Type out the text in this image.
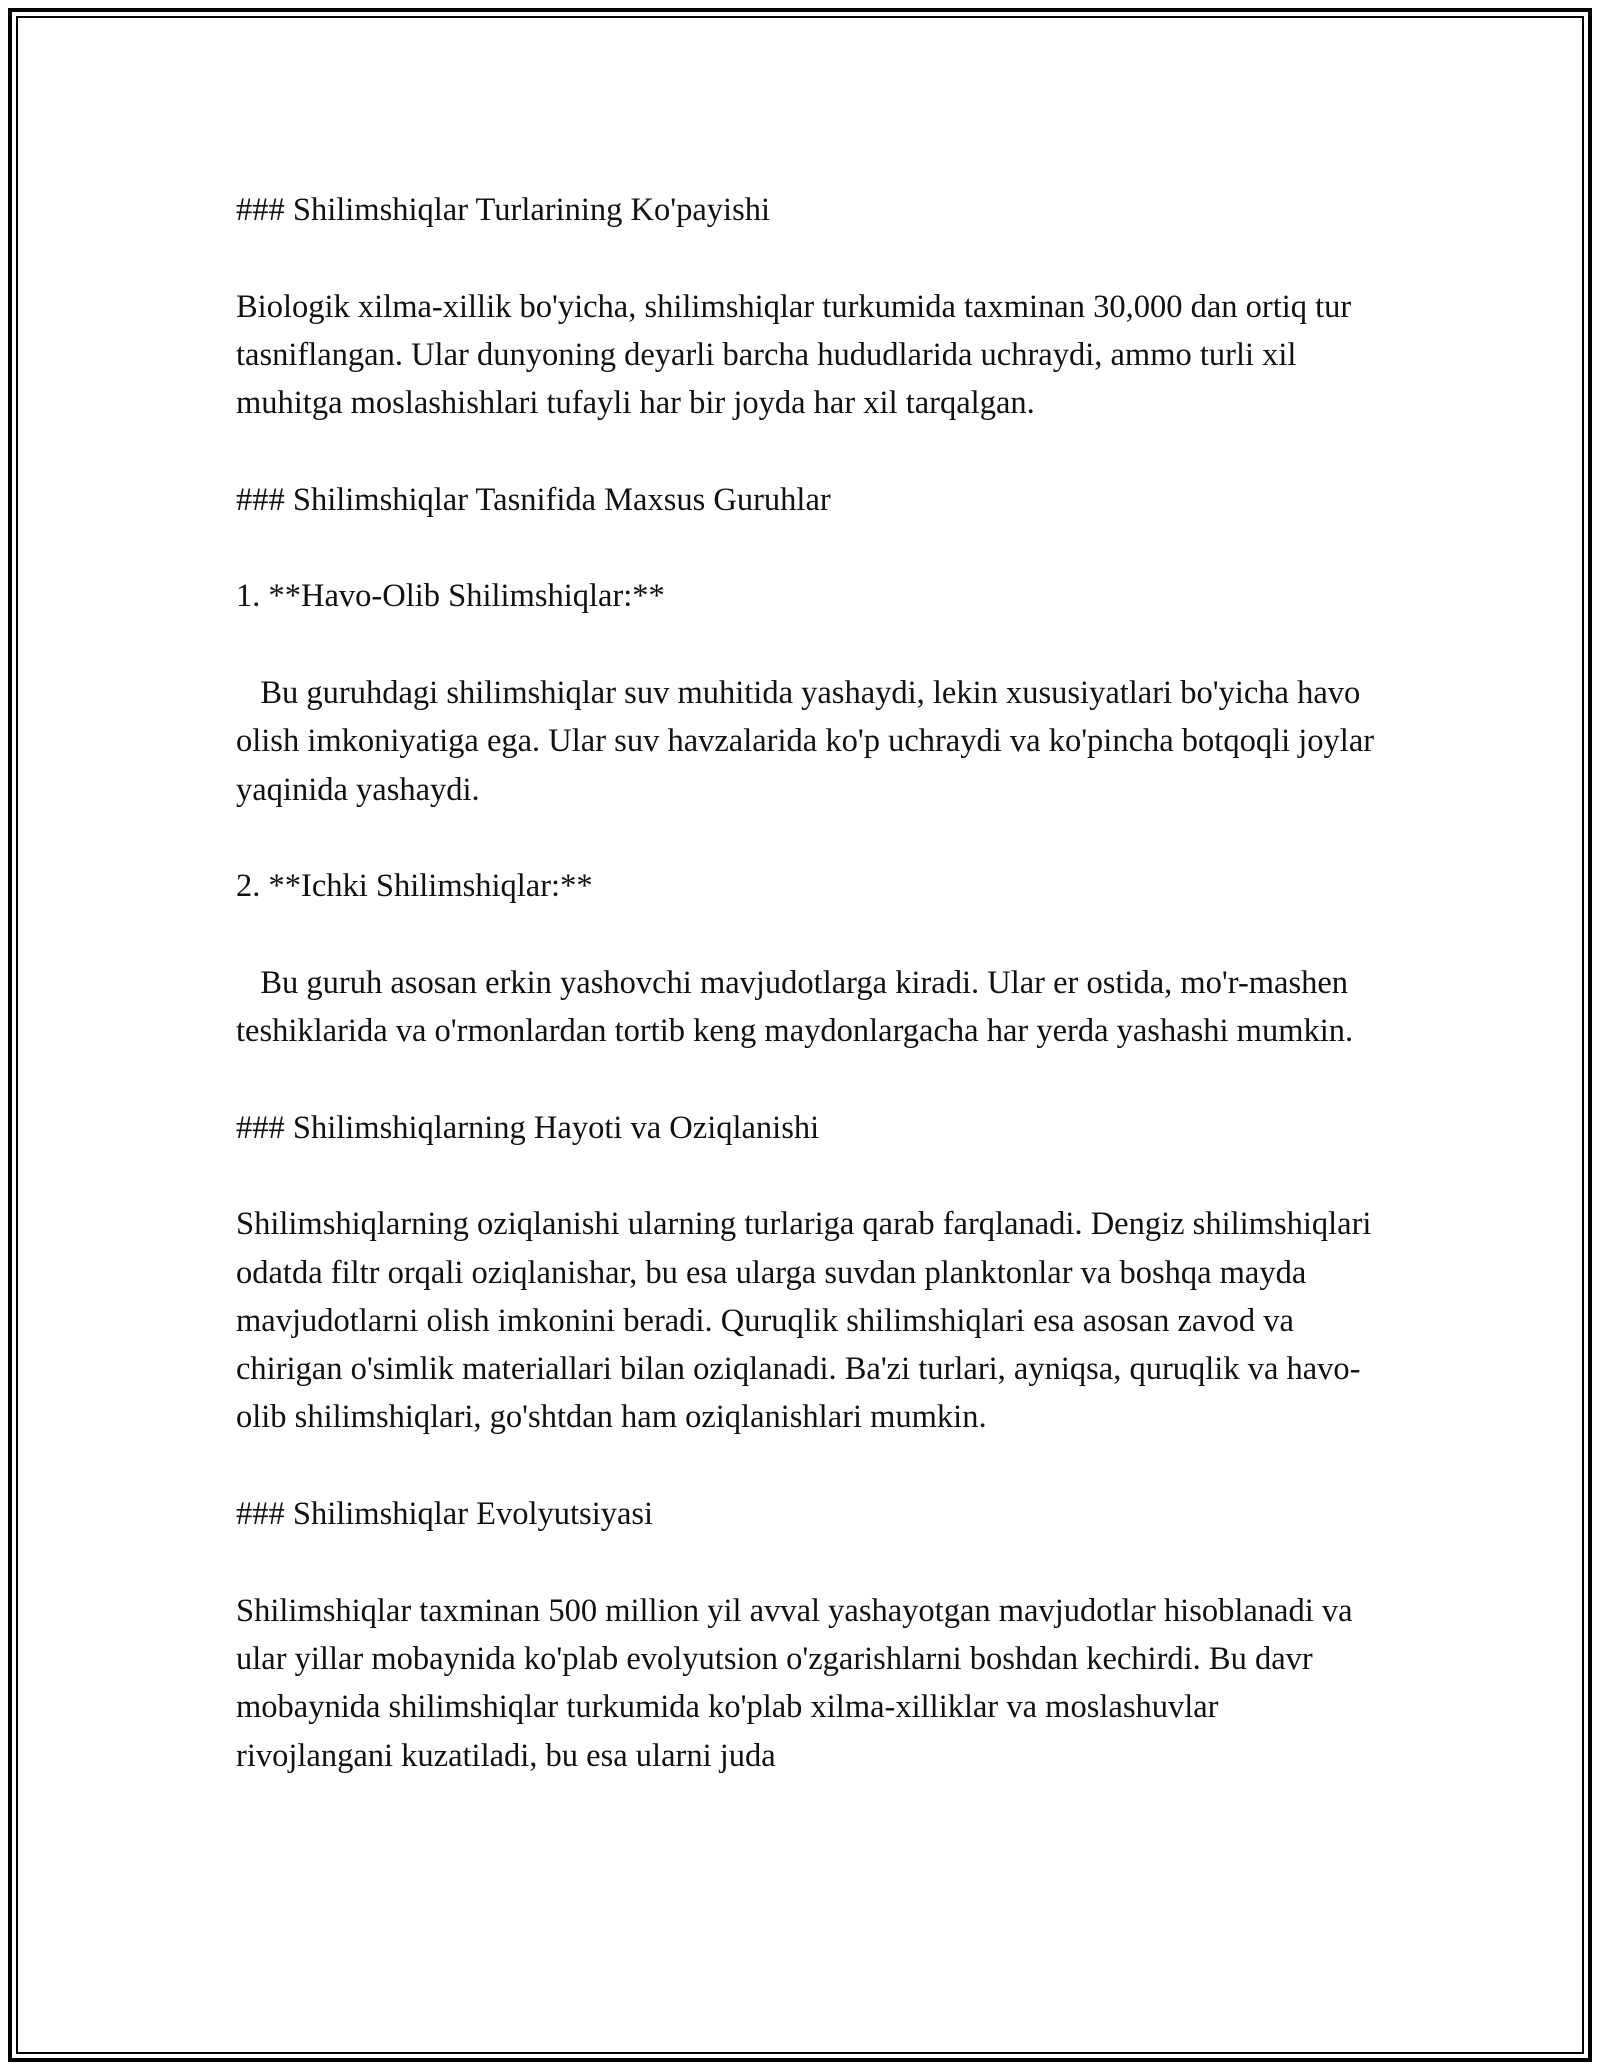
### Shilimshiqlar Turlarining Ko'payishi

Biologik xilma-xillik bo'yicha, shilimshiqlar turkumida taxminan 30,000 dan ortiq tur tasniflangan. Ular dunyoning deyarli barcha hududlarida uchraydi, ammo turli xil muhitga moslashishlari tufayli har bir joyda har xil tarqalgan.

### Shilimshiqlar Tasnifida Maxsus Guruhlar

1. **Havo-Olib Shilimshiqlar:**

Bu guruhdagi shilimshiqlar suv muhitida yashaydi, lekin xususiyatlari bo'yicha havo olish imkoniyatiga ega. Ular suv havzalarida ko'p uchraydi va ko'pincha botqoqli joylar yaqinida yashaydi.

2. **Ichki Shilimshiqlar:**

Bu guruh asosan erkin yashovchi mavjudotlarga kiradi. Ular er ostida, mo'r-mashen teshiklarida va o'rmonlardan tortib keng maydonlargacha har yerda yashashi mumkin.

### Shilimshiqlarning Hayoti va Oziqlanishi

Shilimshiqlarning oziqlanishi ularning turlariga qarab farqlanadi. Dengiz shilimshiqlari odatda filtr orqali oziqlanishar, bu esa ularga suvdan planktonlar va boshqa mayda mavjudotlarni olish imkonini beradi. Quruqlik shilimshiqlari esa asosan zavod va chirigan o'simlik materiallari bilan oziqlanadi. Ba'zi turlari, ayniqsa, quruqlik va havo-olib shilimshiqlari, go'shtdan ham oziqlanishlari mumkin.

### Shilimshiqlar Evolyutsiyasi

Shilimshiqlar taxminan 500 million yil avval yashayotgan mavjudotlar hisoblanadi va ular yillar mobaynida ko'plab evolyutsion o'zgarishlarni boshdan kechirdi. Bu davr mobaynida shilimshiqlar turkumida ko'plab xilma-xilliklar va moslashuvlar rivojlangani kuzatiladi, bu esa ularni juda
